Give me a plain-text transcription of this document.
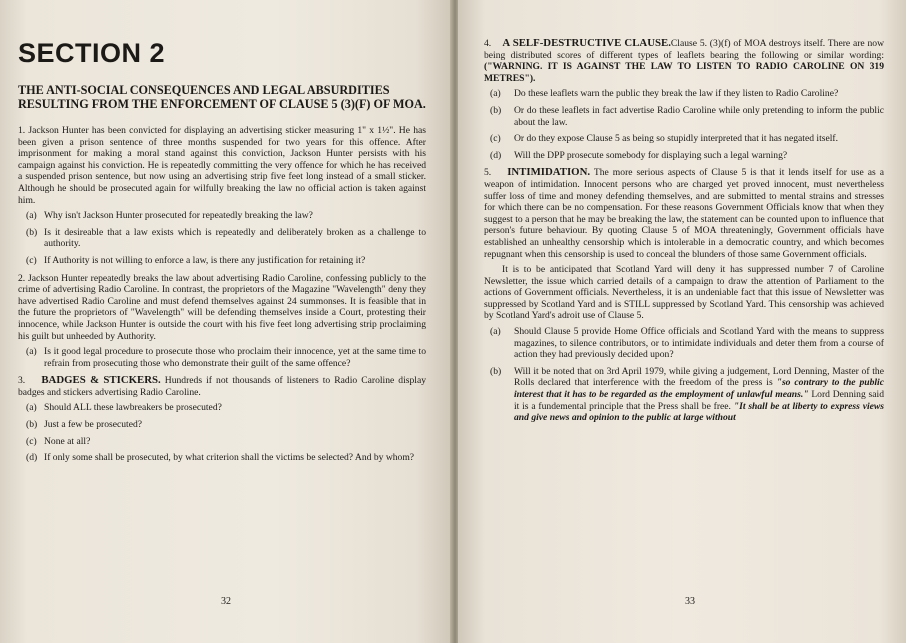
SECTION 2
THE ANTI-SOCIAL CONSEQUENCES AND LEGAL ABSURDITIES RESULTING FROM THE ENFORCEMENT OF CLAUSE 5 (3)(F) OF MOA.

1. Jackson Hunter has been convicted for displaying an advertising sticker measuring 1" x 1½". He has been given a prison sentence of three months suspended for two years for this offence. After imprisonment for making a moral stand against this conviction, Jackson Hunter persists with his campaign against his conviction. He is repeatedly committing the very offence for which he has received a suspended prison sentence, but now using an advertising strip five feet long instead of a small sticker. Although he should be prosecuted again for wilfully breaking the law no official action is taken against him.

(a) Why isn't Jackson Hunter prosecuted for repeatedly breaking the law?
(b) Is it desireable that a law exists which is repeatedly and deliberately broken as a challenge to authority.
(c) If Authority is not willing to enforce a law, is there any justification for retaining it?

2. Jackson Hunter repeatedly breaks the law about advertising Radio Caroline, confessing publicly to the crime of advertising Radio Caroline. In contrast, the proprietors of the Magazine "Wavelength" deny they have advertised Radio Caroline and must defend themselves against 24 summonses. It is feasible that in the future the proprietors of "Wavelength" will be defending themselves inside a Court, protesting their innocence, while Jackson Hunter is outside the court with his five feet long advertising strip proclaiming his guilt but unheeded by Authority.

(a) Is it good legal procedure to prosecute those who proclaim their innocence, yet at the same time to refrain from prosecuting those who demonstrate their guilt of the same offence?

3. BADGES & STICKERS. Hundreds if not thousands of listeners to Radio Caroline display badges and stickers advertising Radio Caroline.

(a) Should ALL these lawbreakers be prosecuted?
(b) Just a few be prosecuted?
(c) None at all?
(d) If only some shall be prosecuted, by what criterion shall the victims be selected? And by whom?
32

4. A SELF-DESTRUCTIVE CLAUSE.Clause 5. (3)(f) of MOA destroys itself. There are now being distributed scores of different types of leaflets bearing the following or similar wording: ("WARNING. IT IS AGAINST THE LAW TO LISTEN TO RADIO CAROLINE ON 319 METRES").

(a)	Do these leaflets warn the public they break the law if they listen to Radio Caroline?
(b)	Or do these leaflets in fact advertise Radio Caroline while only pretending to inform the public about the law.
(c)	Or do they expose Clause 5 as being so stupidly interpreted that it has negated itself.
(d)	Will the DPP prosecute somebody for displaying such a legal warning?

5. INTIMIDATION. The more serious aspects of Clause 5 is that it lends itself for use as a weapon of intimidation. Innocent persons who are charged yet proved innocent, must nevertheless suffer loss of time and money defending themselves, and are submitted to mental strains and stresses for which there can be no compensation. For these reasons Government Officials know that when they suggest to a person that he may be breaking the law, the statement can be counted upon to influence that person's future behaviour. By quoting Clause 5 of MOA threateningly, Government officials have established an unhealthy censorship which is intolerable in a democratic country, and which becomes repugnant when this censorship is used to conceal the blunders of those same Government officials.

It is to be anticipated that Scotland Yard will deny it has suppressed number 7 of Caroline Newsletter, the issue which carried details of a campaign to draw the attention of Parliament to the actions of Government officials. Nevertheless, it is an undeniable fact that this issue of Newsletter was suppressed by Scotland Yard and is STILL suppressed by Scotland Yard. This censorship was achieved by Scotland Yard's adroit use of Clause 5.

(a)	Should Clause 5 provide Home Office officials and Scotland Yard with the means to suppress magazines, to silence contributors, or to intimidate individuals and deter them from a course of action they had previously decided upon?
(b)	Will it be noted that on 3rd April 1979, while giving a judgement, Lord Denning, Master of the Rolls declared that interference with the freedom of the press is "so contrary to the public interest that it has to be regarded as the employment of unlawful means." Lord Denning said it is a fundemental principle that the Press shall be free. "It shall be at liberty to express views and give news and opinion to the public at large without
33
